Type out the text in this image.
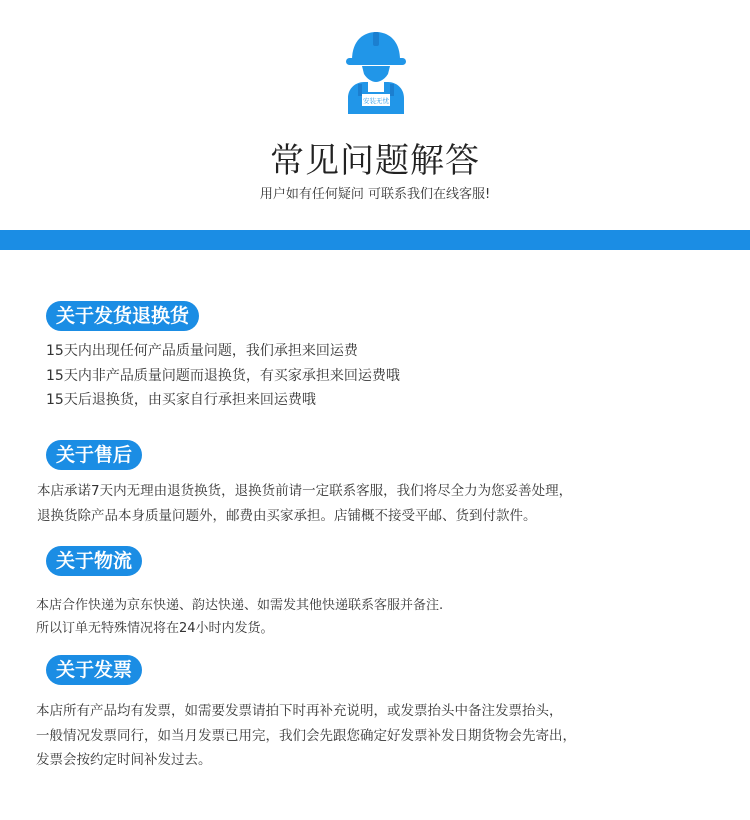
安装无忧
常见问题解答
用户如有任何疑问 可联系我们在线客服!
关于发货退换货
15天内出现任何产品质量问题，我们承担来回运费
15天内非产品质量问题而退换货，有买家承担来回运费哦
15天后退换货，由买家自行承担来回运费哦
关于售后
本店承诺7天内无理由退货换货，退换货前请一定联系客服，我们将尽全力为您妥善处理，
退换货除产品本身质量问题外，邮费由买家承担。店铺概不接受平邮、货到付款件。
关于物流
本店合作快递为京东快递、韵达快递、如需发其他快递联系客服并备注.
所以订单无特殊情况将在24小时内发货。
关于发票
本店所有产品均有发票，如需要发票请拍下时再补充说明，或发票抬头中备注发票抬头，
一般情况发票同行，如当月发票已用完，我们会先跟您确定好发票补发日期货物会先寄出，
发票会按约定时间补发过去。
